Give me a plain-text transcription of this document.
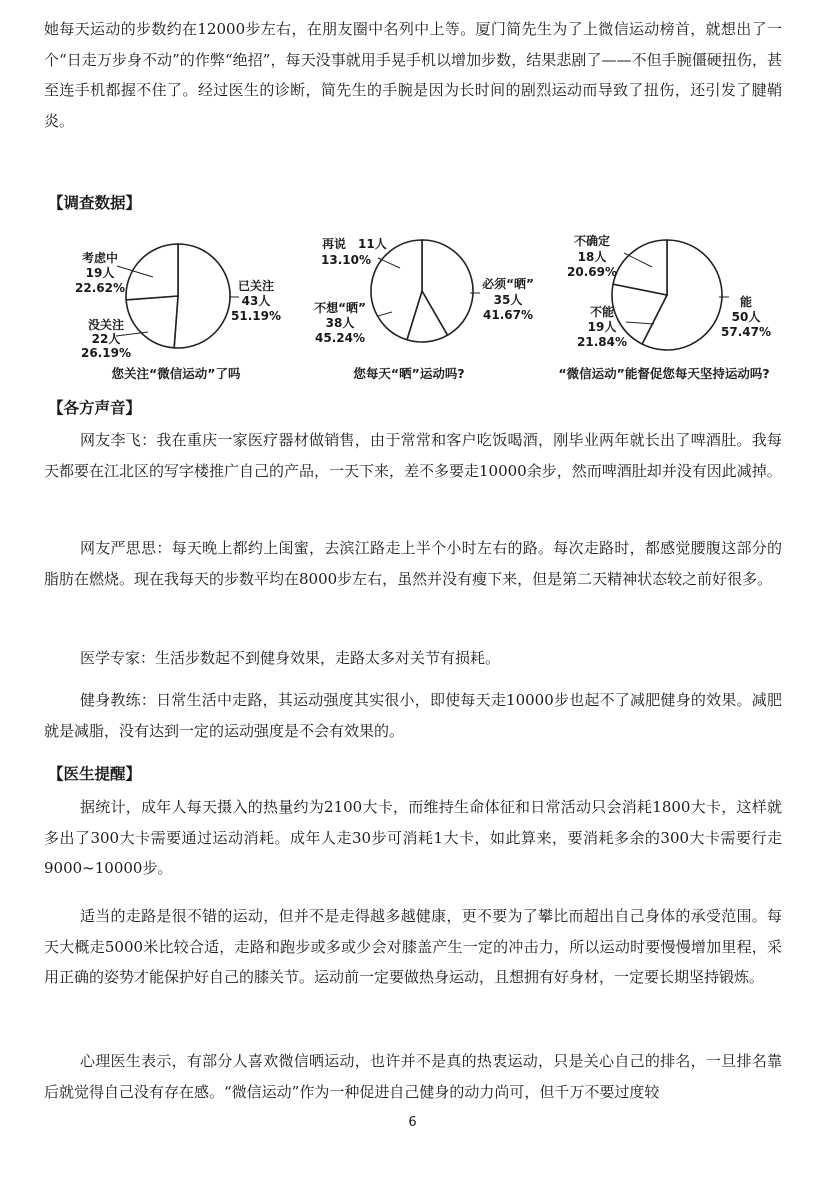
她每天运动的步数约在12000步左右，在朋友圈中名列中上等。厦门简先生为了上微信运动榜首，就想出了一个“日走万步身不动”的作弊“绝招”，每天没事就用手晃手机以增加步数，结果悲剧了——不但手腕僵硬扭伤，甚至连手机都握不住了。经过医生的诊断，简先生的手腕是因为长时间的剧烈运动而导致了扭伤，还引发了腱鞘炎。
【调查数据】
考虑中
19人
22.62%
没关注
22人
26.19%
已关注
43人
51.19%
您关注“微信运动”了吗
再说 11人
13.10%
不想“晒”
38人
45.24%
必须“晒”
35人
41.67%
您每天“晒”运动吗?
不确定
18人
20.69%
不能
19人
21.84%
能
50人
57.47%
“微信运动”能督促您每天坚持运动吗?
【各方声音】
网友李飞：我在重庆一家医疗器材做销售，由于常常和客户吃饭喝酒，刚毕业两年就长出了啤酒肚。我每天都要在江北区的写字楼推广自己的产品，一天下来，差不多要走10000余步，然而啤酒肚却并没有因此减掉。
网友严思思：每天晚上都约上闺蜜，去滨江路走上半个小时左右的路。每次走路时，都感觉腰腹这部分的脂肪在燃烧。现在我每天的步数平均在8000步左右，虽然并没有瘦下来，但是第二天精神状态较之前好很多。
医学专家：生活步数起不到健身效果，走路太多对关节有损耗。
健身教练：日常生活中走路，其运动强度其实很小，即使每天走10000步也起不了减肥健身的效果。减肥就是减脂，没有达到一定的运动强度是不会有效果的。
【医生提醒】
据统计，成年人每天摄入的热量约为2100大卡，而维持生命体征和日常活动只会消耗1800大卡，这样就多出了300大卡需要通过运动消耗。成年人走30步可消耗1大卡，如此算来，要消耗多余的300大卡需要行走 9000~10000步。
适当的走路是很不错的运动，但并不是走得越多越健康，更不要为了攀比而超出自己身体的承受范围。每天大概走5000米比较合适，走路和跑步或多或少会对膝盖产生一定的冲击力，所以运动时要慢慢增加里程，采用正确的姿势才能保护好自己的膝关节。运动前一定要做热身运动，且想拥有好身材，一定要长期坚持锻炼。
心理医生表示，有部分人喜欢微信晒运动，也许并不是真的热衷运动，只是关心自己的排名，一旦排名靠后就觉得自己没有存在感。“微信运动”作为一种促进自己健身的动力尚可，但千万不要过度较
6
